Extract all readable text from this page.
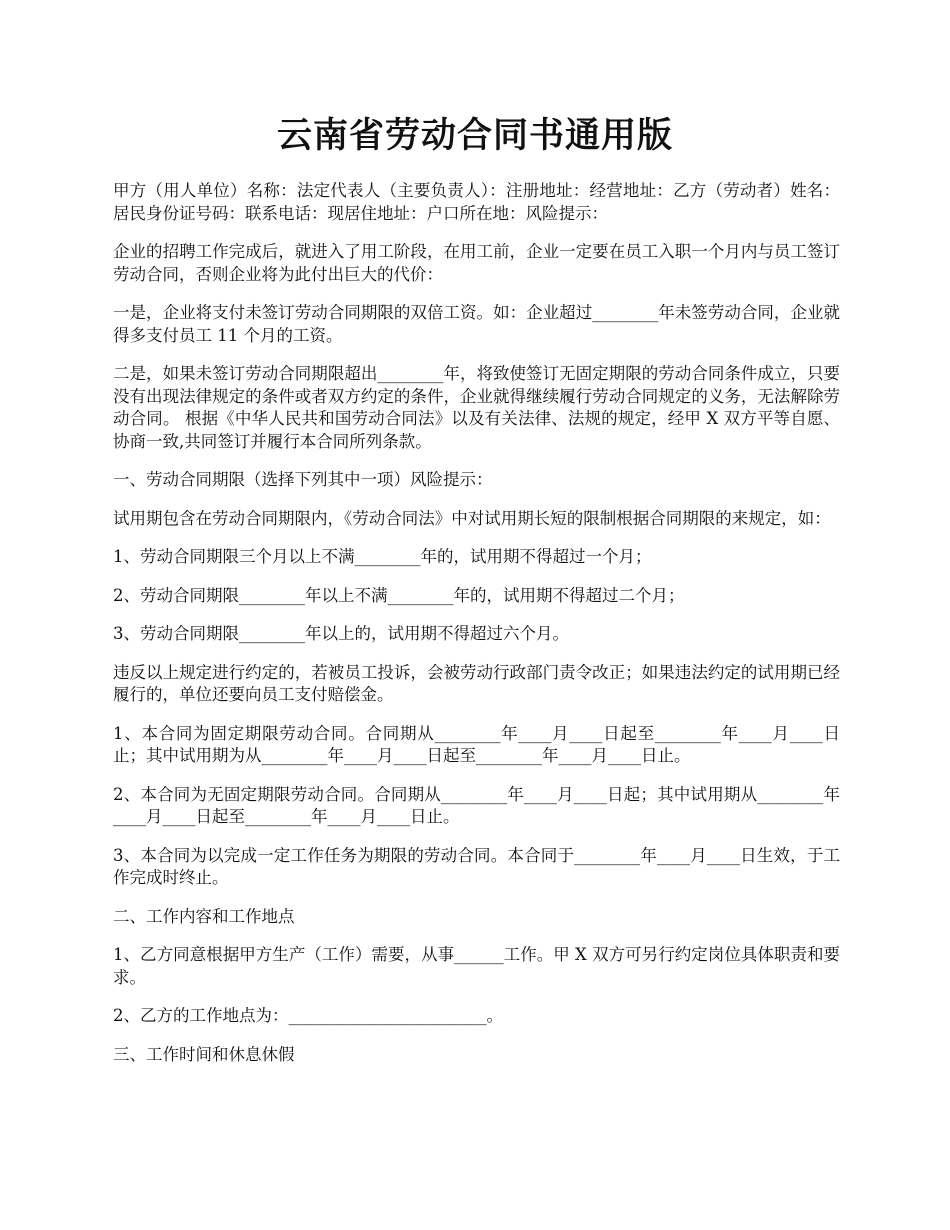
云南省劳动合同书通用版

甲方（用人单位）名称：法定代表人（主要负责人）：注册地址：经营地址：乙方（劳动者）姓名：居民身份证号码：联系电话：现居住地址：户口所在地：风险提示：

企业的招聘工作完成后，就进入了用工阶段，在用工前，企业一定要在员工入职一个月内与员工签订劳动合同，否则企业将为此付出巨大的代价：

一是，企业将支付未签订劳动合同期限的双倍工资。如：企业超过________年未签劳动合同，企业就得多支付员工 11 个月的工资。

二是，如果未签订劳动合同期限超出________年，将致使签订无固定期限的劳动合同条件成立，只要没有出现法律规定的条件或者双方约定的条件，企业就得继续履行劳动合同规定的义务，无法解除劳动合同。 根据《中华人民共和国劳动合同法》以及有关法律、法规的规定，经甲 X 双方平等自愿、协商一致,共同签订并履行本合同所列条款。

一、劳动合同期限（选择下列其中一项）风险提示：

试用期包含在劳动合同期限内，《劳动合同法》中对试用期长短的限制根据合同期限的来规定，如：

1、劳动合同期限三个月以上不满________年的，试用期不得超过一个月；

2、劳动合同期限________年以上不满________年的，试用期不得超过二个月；

3、劳动合同期限________年以上的，试用期不得超过六个月。

违反以上规定进行约定的，若被员工投诉，会被劳动行政部门责令改正；如果违法约定的试用期已经履行的，单位还要向员工支付赔偿金。

1、本合同为固定期限劳动合同。合同期从________年____月____日起至________年____月____日止；其中试用期为从________年____月____日起至________年____月____日止。

2、本合同为无固定期限劳动合同。合同期从________年____月____日起；其中试用期从________年____月____日起至________年____月____日止。

3、本合同为以完成一定工作任务为期限的劳动合同。本合同于________年____月____日生效，于工作完成时终止。

二、工作内容和工作地点

1、乙方同意根据甲方生产（工作）需要，从事______工作。甲 X 双方可另行约定岗位具体职责和要求。

2、乙方的工作地点为：________________________。

三、工作时间和休息休假
